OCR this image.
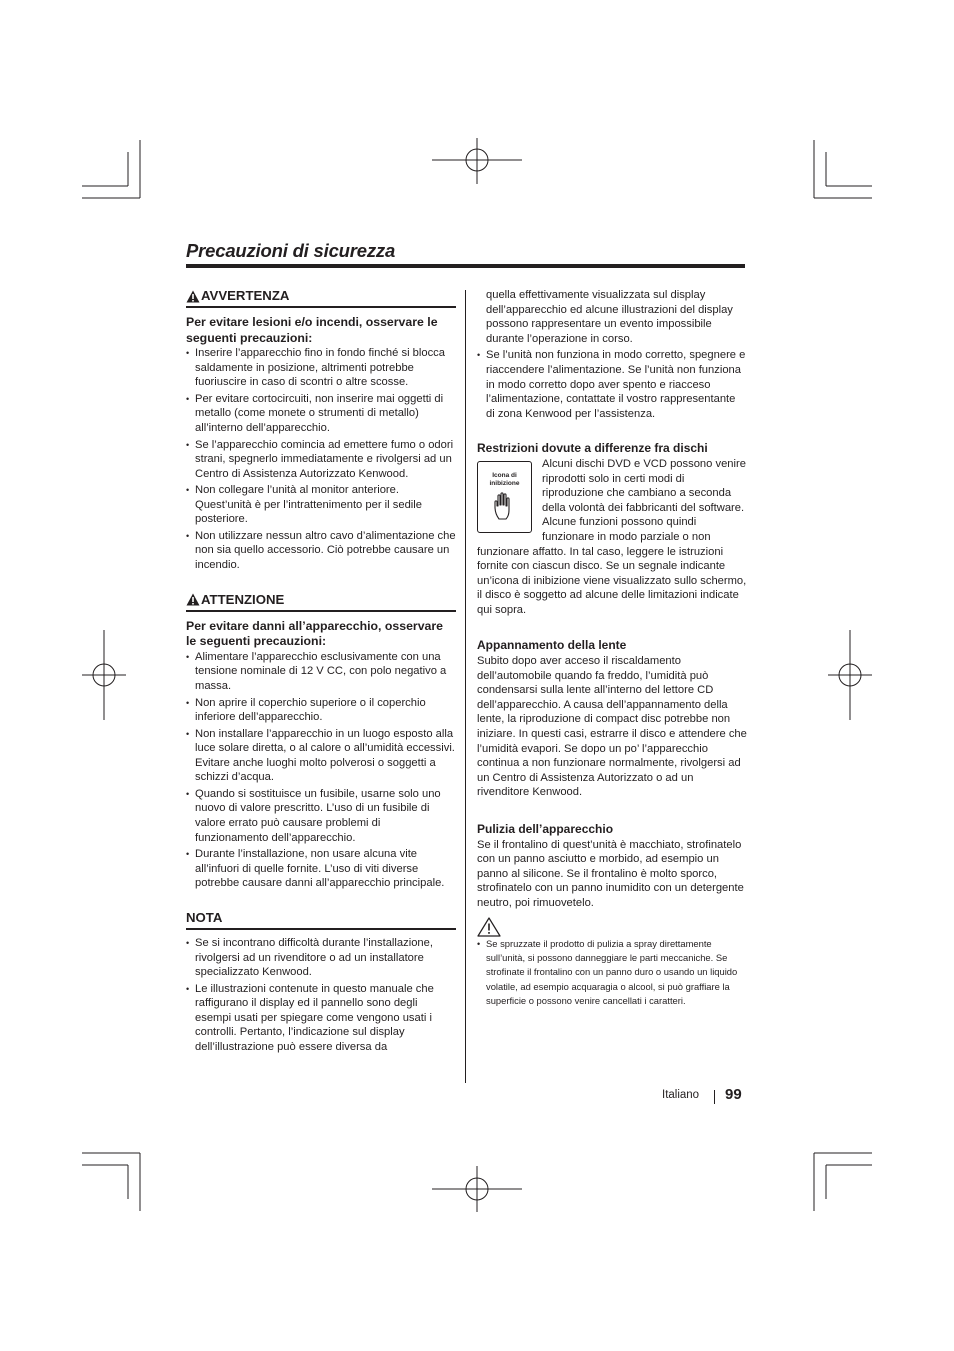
Precauzioni di sicurezza
AVVERTENZA

Per evitare lesioni e/o incendi, osservare le seguenti precauzioni:

• Inserire l’apparecchio fino in fondo finché si blocca saldamente in posizione, altrimenti potrebbe fuoriuscire in caso di scontri o altre scosse.
• Per evitare cortocircuiti, non inserire mai oggetti di metallo (come monete o strumenti di metallo) all’interno dell’apparecchio.
• Se l’apparecchio comincia ad emettere fumo o odori strani, spegnerlo immediatamente e rivolgersi ad un Centro di Assistenza Autorizzato Kenwood.
• Non collegare l’unità al monitor anteriore. Quest’unità è per l’intrattenimento per il sedile posteriore.
• Non utilizzare nessun altro cavo d’alimentazione che non sia quello accessorio. Ciò potrebbe causare un incendio.
ATTENZIONE

Per evitare danni all’apparecchio, osservare le seguenti precauzioni:

• Alimentare l’apparecchio esclusivamente con una tensione nominale di 12 V CC, con polo negativo a massa.
• Non aprire il coperchio superiore o il coperchio inferiore dell’apparecchio.
• Non installare l’apparecchio in un luogo esposto alla luce solare diretta, o al calore o all’umidità eccessivi. Evitare anche luoghi molto polverosi o soggetti a schizzi d’acqua.
• Quando si sostituisce un fusibile, usarne solo uno nuovo di valore prescritto. L’uso di un fusibile di valore errato può causare problemi di funzionamento dell’apparecchio.
• Durante l’installazione, non usare alcuna vite all’infuori di quelle fornite. L’uso di viti diverse potrebbe causare danni all’apparecchio principale.
NOTA
• Se si incontrano difficoltà durante l’installazione, rivolgersi ad un rivenditore o ad un installatore specializzato Kenwood.
• Le illustrazioni contenute in questo manuale che raffigurano il display ed il pannello sono degli esempi usati per spiegare come vengono usati i controlli. Pertanto, l’indicazione sul display dell’illustrazione può essere diversa da

quella effettivamente visualizzata sul display dell’apparecchio ed alcune illustrazioni del display possono rappresentare un evento impossibile durante l’operazione in corso.

• Se l’unità non funziona in modo corretto, spegnere e riaccendere l’alimentazione. Se l’unità non funziona in modo corretto dopo aver spento e riacceso l’alimentazione, contattate il vostro rappresentante di zona Kenwood per l’assistenza.

Restrizioni dovute a differenze fra dischi

Icona di inibizione

Alcuni dischi DVD e VCD possono venire riprodotti solo in certi modi di riproduzione che cambiano a seconda della volontà dei fabbricanti del software. Alcune funzioni possono quindi funzionare in modo parziale o non funzionare affatto. In tal caso, leggere le istruzioni fornite con ciascun disco. Se un segnale indicante un’icona di inibizione viene visualizzato sullo schermo, il disco è soggetto ad alcune delle limitazioni indicate qui sopra.

Appannamento della lente

Subito dopo aver acceso il riscaldamento dell’automobile quando fa freddo, l’umidità può condensarsi sulla lente all’interno del lettore CD dell’apparecchio. A causa dell’appannamento della lente, la riproduzione di compact disc potrebbe non iniziare. In questi casi, estrarre il disco e attendere che l’umidità evapori. Se dopo un po’ l’apparecchio continua a non funzionare normalmente, rivolgersi ad un Centro di Assistenza Autorizzato o ad un rivenditore Kenwood.

Pulizia dell’apparecchio

Se il frontalino di quest’unità è macchiato, strofinatelo con un panno asciutto e morbido, ad esempio un panno al silicone. Se il frontalino è molto sporco, strofinatelo con un panno inumidito con un detergente neutro, poi rimuovetelo.

• Se spruzzate il prodotto di pulizia a spray direttamente sull’unità, si possono danneggiare le parti meccaniche. Se strofinate il frontalino con un panno duro o usando un liquido volatile, ad esempio acquaragia o alcool, si può graffiare la superficie o possono venire cancellati i caratteri.
Italiano 99
